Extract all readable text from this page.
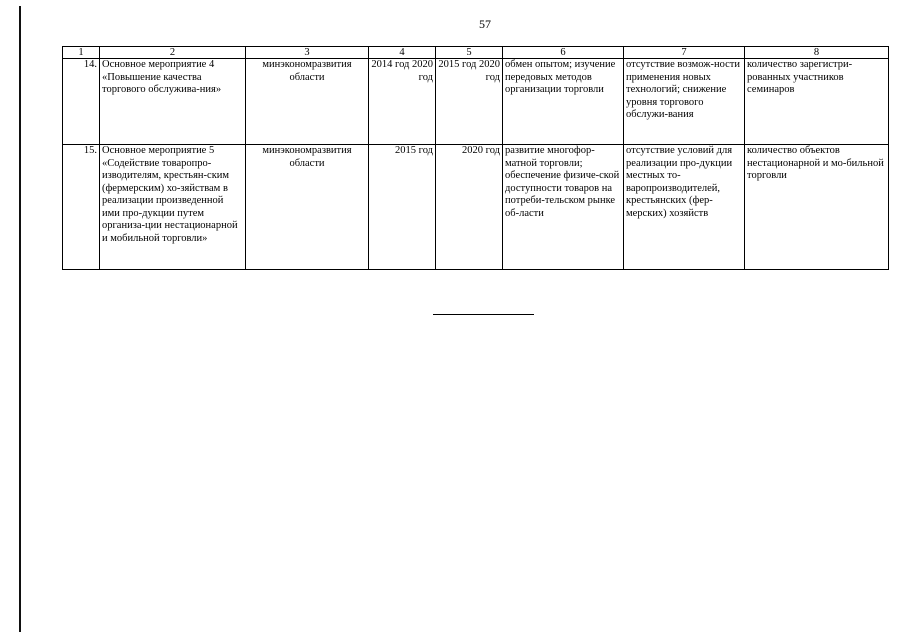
57
1	2	3	4	5	6	7	8
14.	Основное мероприятие 4 «Повышение качества торгового обслужива-ния»	минэкономразвития области	2014 год 2020 год	2015 год 2020 год	обмен опытом; изучение передовых методов организации торговли	отсутствие возмож-ности применения новых технологий; снижение уровня торгового обслужи-вания	количество зарегистри-рованных участников семинаров
15.	Основное мероприятие 5 «Содействие товаропро-изводителям, крестьян-ским (фермерским) хо-зяйствам в реализации произведенной ими про-дукции путем организа-ции нестационарной и мобильной торговли»	минэкономразвития области	2015 год	2020 год	развитие многофор-матной торговли; обеспечение физиче-ской доступности товаров на потреби-тельском рынке об-ласти	отсутствие условий для реализации про-дукции местных то-варопроизводителей, крестьянских (фер-мерских) хозяйств	количество объектов нестационарной и мо-бильной торговли
